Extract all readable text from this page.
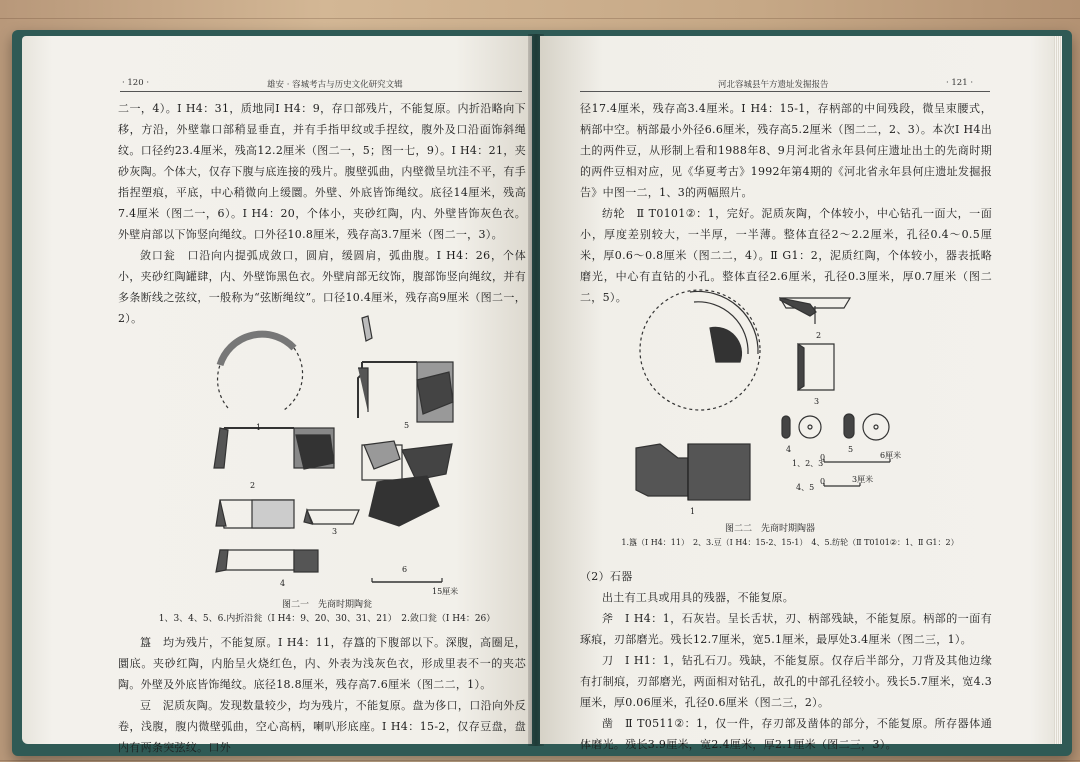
· 120 ·	雄安 · 容城考古与历史文化研究文辑

二一，4）。Ⅰ H4：31，质地同Ⅰ H4：9，存口部残片，不能复原。内折沿略向下移，方沿，外壁靠口部稍显垂直，并有手指甲纹或手捏纹，腹外及口沿面饰斜绳纹。口径约23.4厘米，残高12.2厘米（图二一，5；图一七，9）。Ⅰ H4：21，夹砂灰陶。个体大，仅存下腹与底连接的残片。腹壁弧曲，内壁微呈坑洼不平，有手指捏塑痕，平底，中心稍微向上缓圜。外壁、外底皆饰绳纹。底径14厘米，残高7.4厘米（图二一，6）。Ⅰ H4：20，个体小，夹砂红陶，内、外壁皆饰灰色衣。外壁肩部以下饰竖向绳纹。口外径10.8厘米，残存高3.7厘米（图二一，3）。

敛口瓮　口沿向内提弧成敛口，圆肩，缓圆肩，弧曲腹。Ⅰ H4：26，个体小，夹砂红陶罐肆，内、外壁饰黑色衣。外壁肩部无纹饰，腹部饰竖向绳纹，并有多条断线之弦纹，一般称为“弦断绳纹”。口径10.4厘米，残存高9厘米（图二一，2）。

1	5
2
3
4
6
15厘米
图二一　先商时期陶瓮
1、3、4、5、6.内折沿瓮（Ⅰ H4：9、20、30、31、21）　2.敛口瓮（Ⅰ H4：26）

簋　均为残片，不能复原。Ⅰ H4：11，存簋的下腹部以下。深腹，高圈足，圜底。夹砂红陶，内胎呈火烧红色，内、外表为浅灰色衣，形成里表不一的夹芯陶。外壁及外底皆饰绳纹。底径18.8厘米，残存高7.6厘米（图二二，1）。

豆　泥质灰陶。发现数量较少，均为残片，不能复原。盘为侈口，口沿向外反卷，浅腹，腹内微壁弧曲，空心高柄，喇叭形底座。Ⅰ H4：15-2，仅存豆盘，盘内有两条突弦纹。口外

河北容城县午方遗址发掘报告	· 121 ·

径17.4厘米，残存高3.4厘米。Ⅰ H4：15-1，存柄部的中间残段，微呈束腰式，柄部中空。柄部最小外径6.6厘米，残存高5.2厘米（图二二，2、3）。本次Ⅰ H4出土的两件豆，从形制上看和1988年8、9月河北省永年县何庄遗址出土的先商时期的两件豆相对应，见《华夏考古》1992年第4期的《河北省永年县何庄遗址发掘报告》中图一二，1、3的两幅照片。

纺轮　Ⅱ T0101②：1，完好。泥质灰陶，个体较小，中心钻孔一面大，一面小，厚度差别较大，一半厚，一半薄。整体直径2～2.2厘米，孔径0.4～0.5厘米，厚0.6～0.8厘米（图二二，4）。Ⅱ G1：2，泥质红陶，个体较小，器表抵略磨光，中心有直钻的小孔。整体直径2.6厘米，孔径0.3厘米，厚0.7厘米（图二二，5）。

2
3
4	5
1
1、2、3
0	6厘米
4、5
0	3厘米
图二二　先商时期陶器
1.簋（Ⅰ H4：11）　2、3.豆（Ⅰ H4：15-2、15-1）　4、5.纺轮（Ⅱ T0101②：1、Ⅱ G1：2）

（2）石器

出土有工具或用具的残器，不能复原。

斧　Ⅰ H4：1，石灰岩。呈长舌状，刃、柄部残缺，不能复原。柄部的一面有琢痕，刃部磨光。残长12.7厘米，宽5.1厘米，最厚处3.4厘米（图二三，1）。

刀　Ⅰ H1：1，钻孔石刀。残缺，不能复原。仅存后半部分，刀背及其他边缘有打制痕，刃部磨光，两面相对钻孔，故孔的中部孔径较小。残长5.7厘米，宽4.3厘米，厚0.06厘米，孔径0.6厘米（图二三，2）。

凿　Ⅱ T0511②：1，仅一件，存刃部及凿体的部分，不能复原。所存器体通体磨光。残长3.9厘米，宽2.4厘米，厚2.1厘米（图二三，3）。
